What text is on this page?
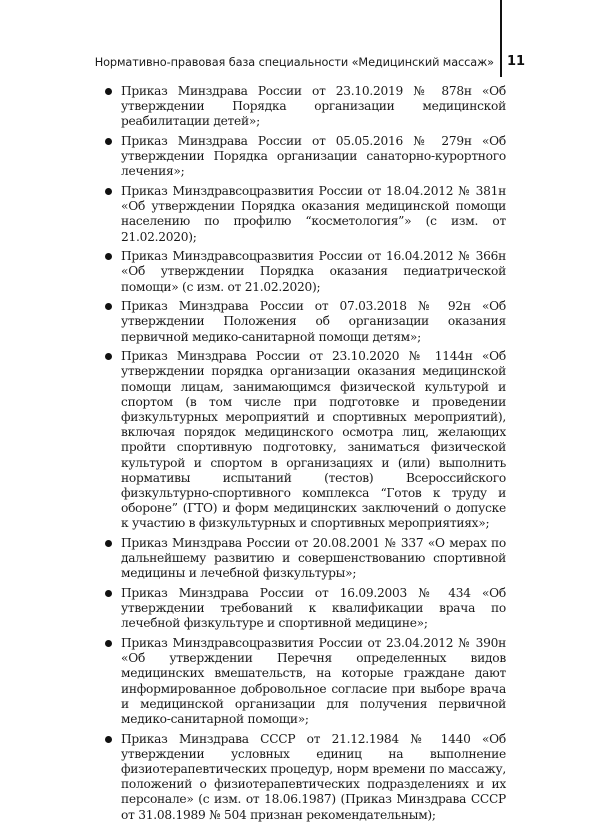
Нормативно-правовая база специальности «Медицинский массаж» 11
Приказ Минздрава России от 23.10.2019 № 878н «Об утверждении Порядка организации медицинской реабилитации детей»;
Приказ Минздрава России от 05.05.2016 № 279н «Об утверждении Порядка организации санаторно-курортного лечения»;
Приказ Минздравсоцразвития России от 18.04.2012 № 381н «Об утверждении Порядка оказания медицинской помощи населению по профилю “косметология”» (с изм. от 21.02.2020);
Приказ Минздравсоцразвития России от 16.04.2012 № 366н «Об утверждении Порядка оказания педиатрической помощи» (с изм. от 21.02.2020);
Приказ Минздрава России от 07.03.2018 № 92н «Об утверждении Положения об организации оказания первичной медико-санитарной помощи детям»;
Приказ Минздрава России от 23.10.2020 № 1144н «Об утверждении порядка организации оказания медицинской помощи лицам, занимающимся физической культурой и спортом (в том числе при подготовке и проведении физкультурных мероприятий и спортивных мероприятий), включая порядок медицинского осмотра лиц, желающих пройти спортивную подготовку, заниматься физической культурой и спортом в организациях и (или) выполнить нормативы испытаний (тестов) Всероссийского физкультурно-спортивного комплекса “Готов к труду и обороне” (ГТО) и форм медицинских заключений о допуске к участию в физкультурных и спортивных мероприятиях»;
Приказ Минздрава России от 20.08.2001 № 337 «О мерах по дальнейшему развитию и совершенствованию спортивной медицины и лечебной физкультуры»;
Приказ Минздрава России от 16.09.2003 № 434 «Об утверждении требований к квалификации врача по лечебной физкультуре и спортивной медицине»;
Приказ Минздравсоцразвития России от 23.04.2012 № 390н «Об утверждении Перечня определенных видов медицинских вмешательств, на которые граждане дают информированное добровольное согласие при выборе врача и медицинской организации для получения первичной медико-санитарной помощи»;
Приказ Минздрава СССР от 21.12.1984 № 1440 «Об утверждении условных единиц на выполнение физиотерапевтических процедур, норм времени по массажу, положений о физиотерапевтических подразделениях и их персонале» (с изм. от 18.06.1987) (Приказ Минздрава СССР от 31.08.1989 № 504 признан рекомендательным);
